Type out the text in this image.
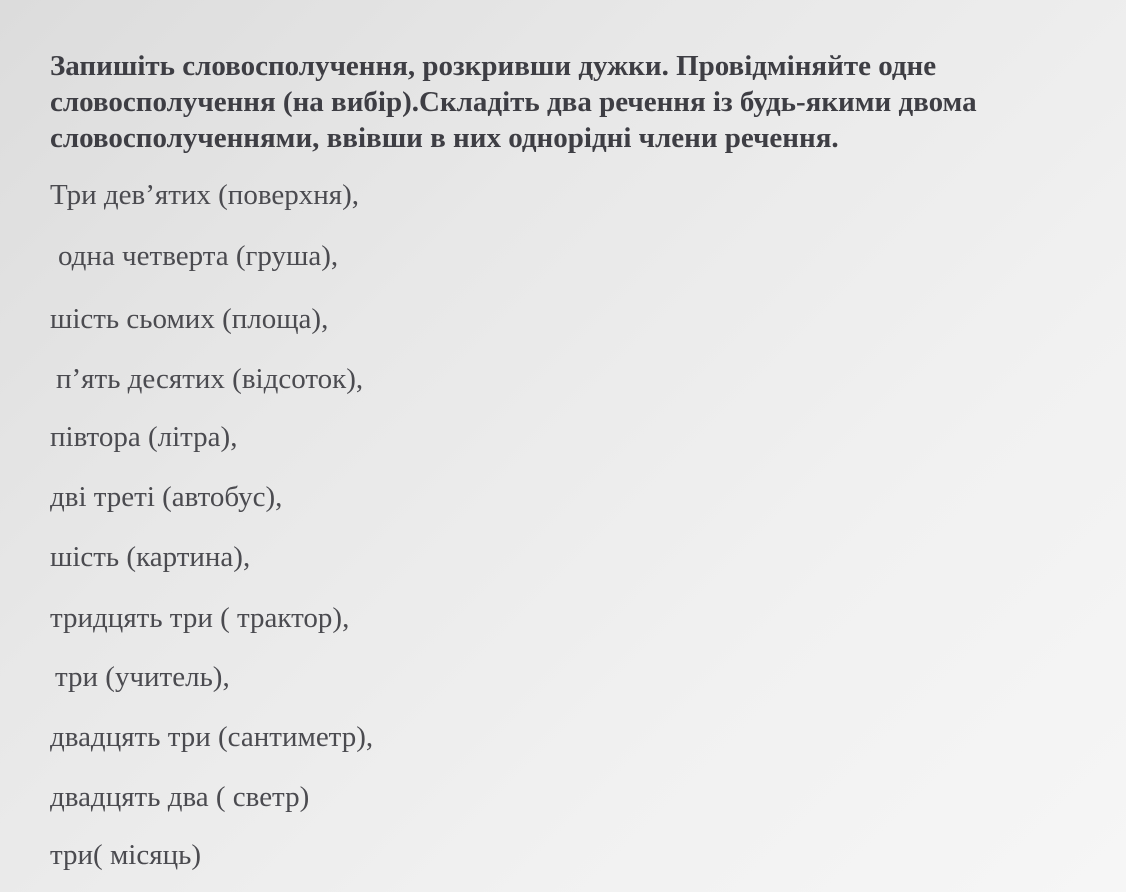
Запишіть словосполучення, розкривши дужки. Провідміняйте одне словосполучення (на вибір).Складіть два речення із будь-якими двома словосполученнями, ввівши в них однорідні члени речення.

Три дев’ятих (поверхня),
одна четверта (груша),
шість сьомих (площа),
п’ять десятих (відсоток),
півтора (літра),
дві треті (автобус),
шість (картина),
тридцять три ( трактор),
три (учитель),
двадцять три (сантиметр),
двадцять два ( светр)
три( місяць)
